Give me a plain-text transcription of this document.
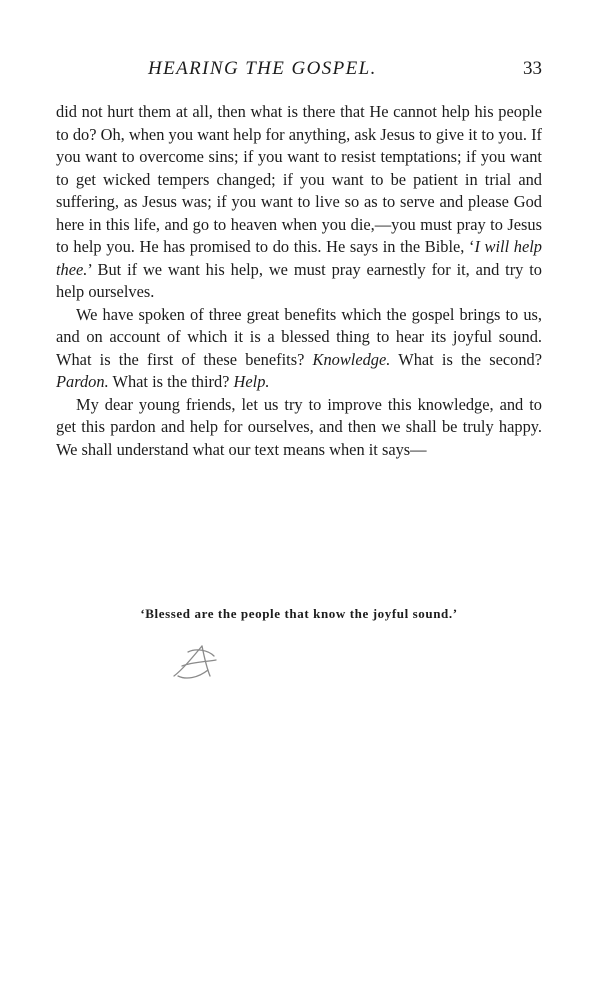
HEARING THE GOSPEL.	33

did not hurt them at all, then what is there that He cannot help his people to do? Oh, when you want help for anything, ask Jesus to give it to you. If you want to overcome sins; if you want to resist temptations; if you want to get wicked tempers changed; if you want to be patient in trial and suffering, as Jesus was; if you want to live so as to serve and please God here in this life, and go to heaven when you die,—you must pray to Jesus to help you. He has promised to do this. He says in the Bible, ‘I will help thee.’ But if we want his help, we must pray earnestly for it, and try to help ourselves.

We have spoken of three great benefits which the gospel brings to us, and on account of which it is a blessed thing to hear its joyful sound. What is the first of these benefits? Knowledge. What is the second? Pardon. What is the third? Help.

My dear young friends, let us try to improve this knowledge, and to get this pardon and help for ourselves, and then we shall be truly happy. We shall understand what our text means when it says—

‘Blessed are the people that know the joyful sound.’
